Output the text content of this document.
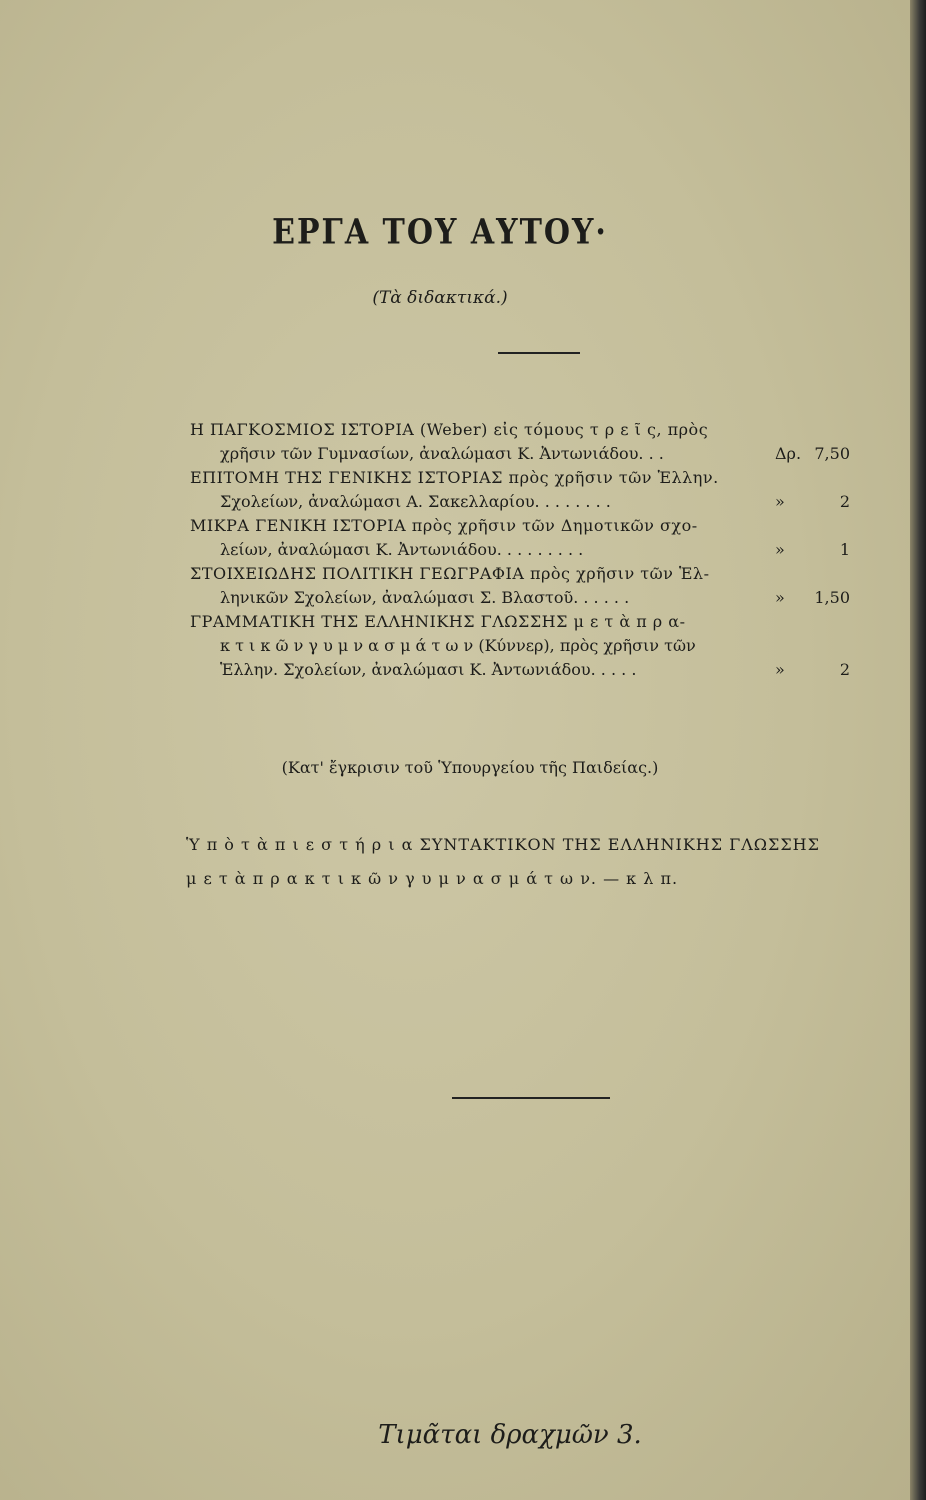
ΕΡΓΑ ΤΟΥ ΑΥΤΟΥ·
(Τὰ διδακτικά.)
Η ΠΑΓΚΟΣΜΙΟΣ ΙΣΤΟΡΙΑ (Weber) εἰς τόμους τ ρ ε ῖ ς, πρὸς
χρῆσιν τῶν Γυμνασίων, ἀναλώμασι Κ. Ἀντωνιάδου. . .	Δρ. 7,50
ΕΠΙΤΟΜΗ ΤΗΣ ΓΕΝΙΚΗΣ ΙΣΤΟΡΙΑΣ πρὸς χρῆσιν τῶν Ἑλλην.
Σχολείων, ἀναλώμασι Α. Σακελλαρίου. . . . . . . .	»	2
ΜΙΚΡΑ ΓΕΝΙΚΗ ΙΣΤΟΡΙΑ πρὸς χρῆσιν τῶν Δημοτικῶν σχο-
λείων, ἀναλώμασι Κ. Ἀντωνιάδου. . . . . . . . .	»	1
ΣΤΟΙΧΕΙΩΔΗΣ ΠΟΛΙΤΙΚΗ ΓΕΩΓΡΑΦΙΑ πρὸς χρῆσιν τῶν Ἑλ-
ληνικῶν Σχολείων, ἀναλώμασι Σ. Βλαστοῦ. . . . . .	»	1,50
ΓΡΑΜΜΑΤΙΚΗ ΤΗΣ ΕΛΛΗΝΙΚΗΣ ΓΛΩΣΣΗΣ μ ε τ ὰ π ρ α-
κ τ ι κ ῶ ν γ υ μ ν α σ μ ά τ ω ν (Κύννερ), πρὸς χρῆσιν τῶν
Ἑλλην. Σχολείων, ἀναλώμασι Κ. Ἀντωνιάδου. . . . .	»	2
(Κατ' ἔγκρισιν τοῦ Ὑπουργείου τῆς Παιδείας.)
Ὑ π ὸ τ ὰ π ι ε σ τ ή ρ ι α ΣΥΝΤΑΚΤΙΚΟΝ ΤΗΣ ΕΛΛΗΝΙΚΗΣ ΓΛΩΣΣΗΣ
μ ε τ ὰ π ρ α κ τ ι κ ῶ ν γ υ μ ν α σ μ ά τ ω ν. — κ λ π.
Τιμᾶται δραχμῶν 3.
